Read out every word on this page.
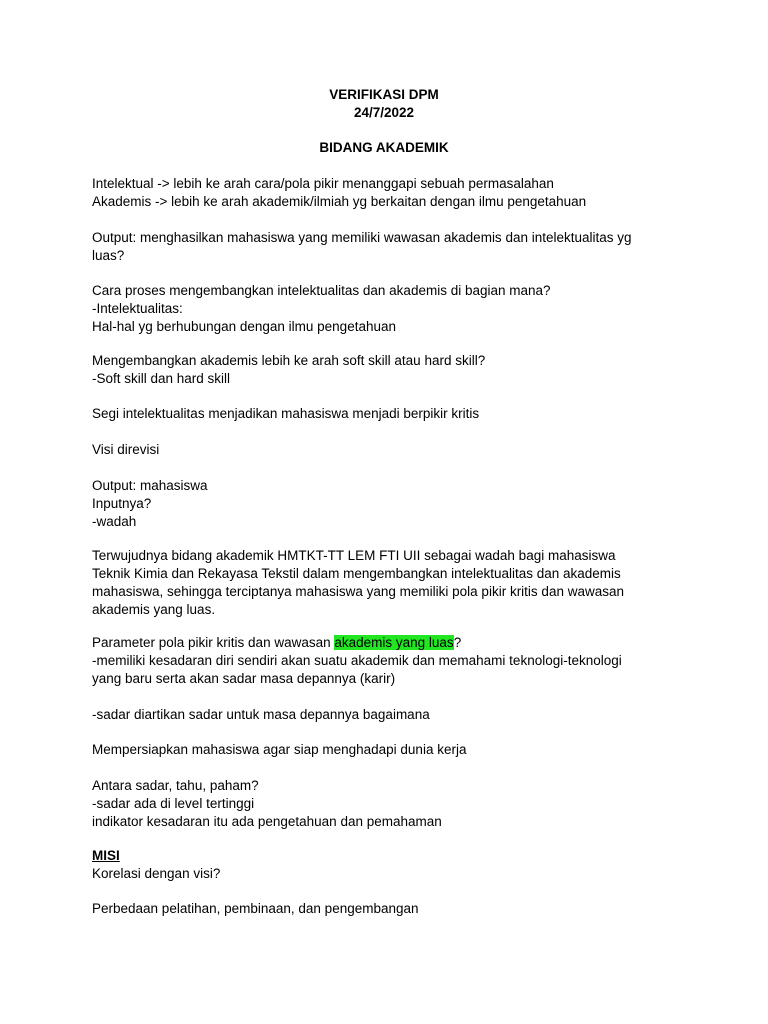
VERIFIKASI DPM
24/7/2022
BIDANG AKADEMIK
Intelektual -> lebih ke arah cara/pola pikir menanggapi sebuah permasalahan
Akademis -> lebih ke arah akademik/ilmiah yg berkaitan dengan ilmu pengetahuan
Output: menghasilkan mahasiswa yang memiliki wawasan akademis dan intelektualitas yg
luas?
Cara proses mengembangkan intelektualitas dan akademis di bagian mana?
-Intelektualitas:
Hal-hal yg berhubungan dengan ilmu pengetahuan
Mengembangkan akademis lebih ke arah soft skill atau hard skill?
-Soft skill dan hard skill
Segi intelektualitas menjadikan mahasiswa menjadi berpikir kritis
Visi direvisi
Output: mahasiswa
Inputnya?
-wadah
Terwujudnya bidang akademik HMTKT-TT LEM FTI UII sebagai wadah bagi mahasiswa
Teknik Kimia dan Rekayasa Tekstil dalam mengembangkan intelektualitas dan akademis
mahasiswa, sehingga terciptanya mahasiswa yang memiliki pola pikir kritis dan wawasan
akademis yang luas.
Parameter pola pikir kritis dan wawasan akademis yang luas?
-memiliki kesadaran diri sendiri akan suatu akademik dan memahami teknologi-teknologi
yang baru serta akan sadar masa depannya (karir)
-sadar diartikan sadar untuk masa depannya bagaimana
Mempersiapkan mahasiswa agar siap menghadapi dunia kerja
Antara sadar, tahu, paham?
-sadar ada di level tertinggi
indikator kesadaran itu ada pengetahuan dan pemahaman
MISI
Korelasi dengan visi?
Perbedaan pelatihan, pembinaan, dan pengembangan
